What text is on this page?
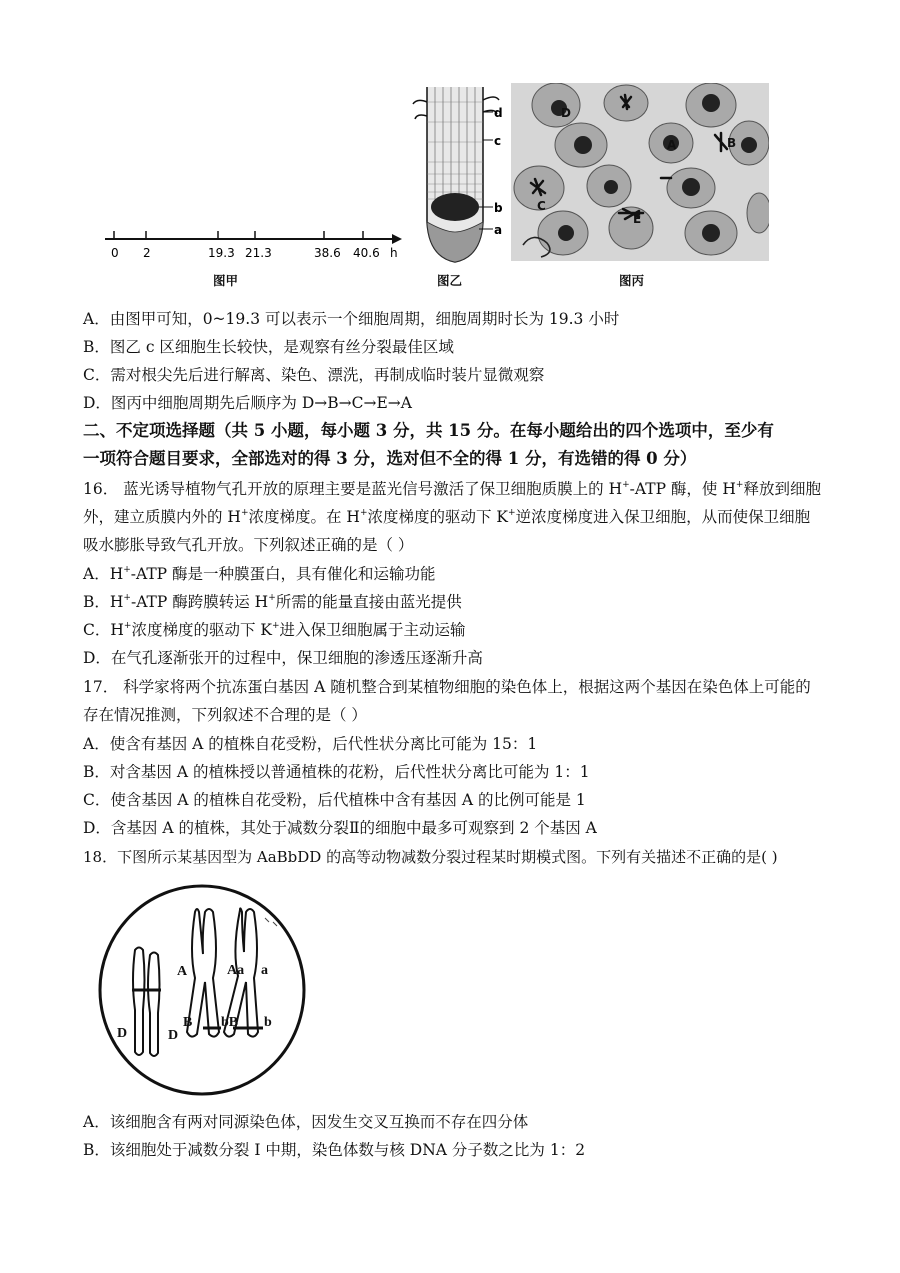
0 2	19.3 21.3	38.6 40.6 h
图甲
d
c
b
a
图乙
D
A	B
C
E
图丙
A．由图甲可知，0~19.3 可以表示一个细胞周期，细胞周期时长为 19.3 小时
B．图乙 c 区细胞生长较快，是观察有丝分裂最佳区域
C．需对根尖先后进行解离、染色、漂洗，再制成临时装片显微观察
D．图丙中细胞周期先后顺序为 D→B→C→E→A
二、不定项选择题（共 5 小题，每小题 3 分，共 15 分。在每小题给出的四个选项中，至少有
一项符合题目要求，全部选对的得 3 分，选对但不全的得 1 分，有选错的得 0 分）
16． 蓝光诱导植物气孔开放的原理主要是蓝光信号激活了保卫细胞质膜上的 H+-ATP 酶，使 H+释放到细胞
外，建立质膜内外的 H+浓度梯度。在 H+浓度梯度的驱动下 K+逆浓度梯度进入保卫细胞，从而使保卫细胞
吸水膨胀导致气孔开放。下列叙述正确的是（ ）
A．H+-ATP 酶是一种膜蛋白，具有催化和运输功能
B．H+-ATP 酶跨膜转运 H+所需的能量直接由蓝光提供
C．H+浓度梯度的驱动下 K+进入保卫细胞属于主动运输
D．在气孔逐渐张开的过程中，保卫细胞的渗透压逐渐升高
17． 科学家将两个抗冻蛋白基因 A 随机整合到某植物细胞的染色体上，根据这两个基因在染色体上可能的
存在情况推测，下列叙述不合理的是（ ）
A．使含有基因 A 的植株自花受粉，后代性状分离比可能为 15：1
B．对含基因 A 的植株授以普通植株的花粉，后代性状分离比可能为 1：1
C．使含基因 A 的植株自花受粉，后代植株中含有基因 A 的比例可能是 1
D．含基因 A 的植株，其处于减数分裂Ⅱ的细胞中最多可观察到 2 个基因 A
18．下图所示某基因型为 AaBbDD 的高等动物减数分裂过程某时期模式图。下列有关描述不正确的是( )
A	Aa a
B bB b
D	D
A．该细胞含有两对同源染色体，因发生交叉互换而不存在四分体
B．该细胞处于减数分裂 I 中期，染色体数与核 DNA 分子数之比为 1：2
